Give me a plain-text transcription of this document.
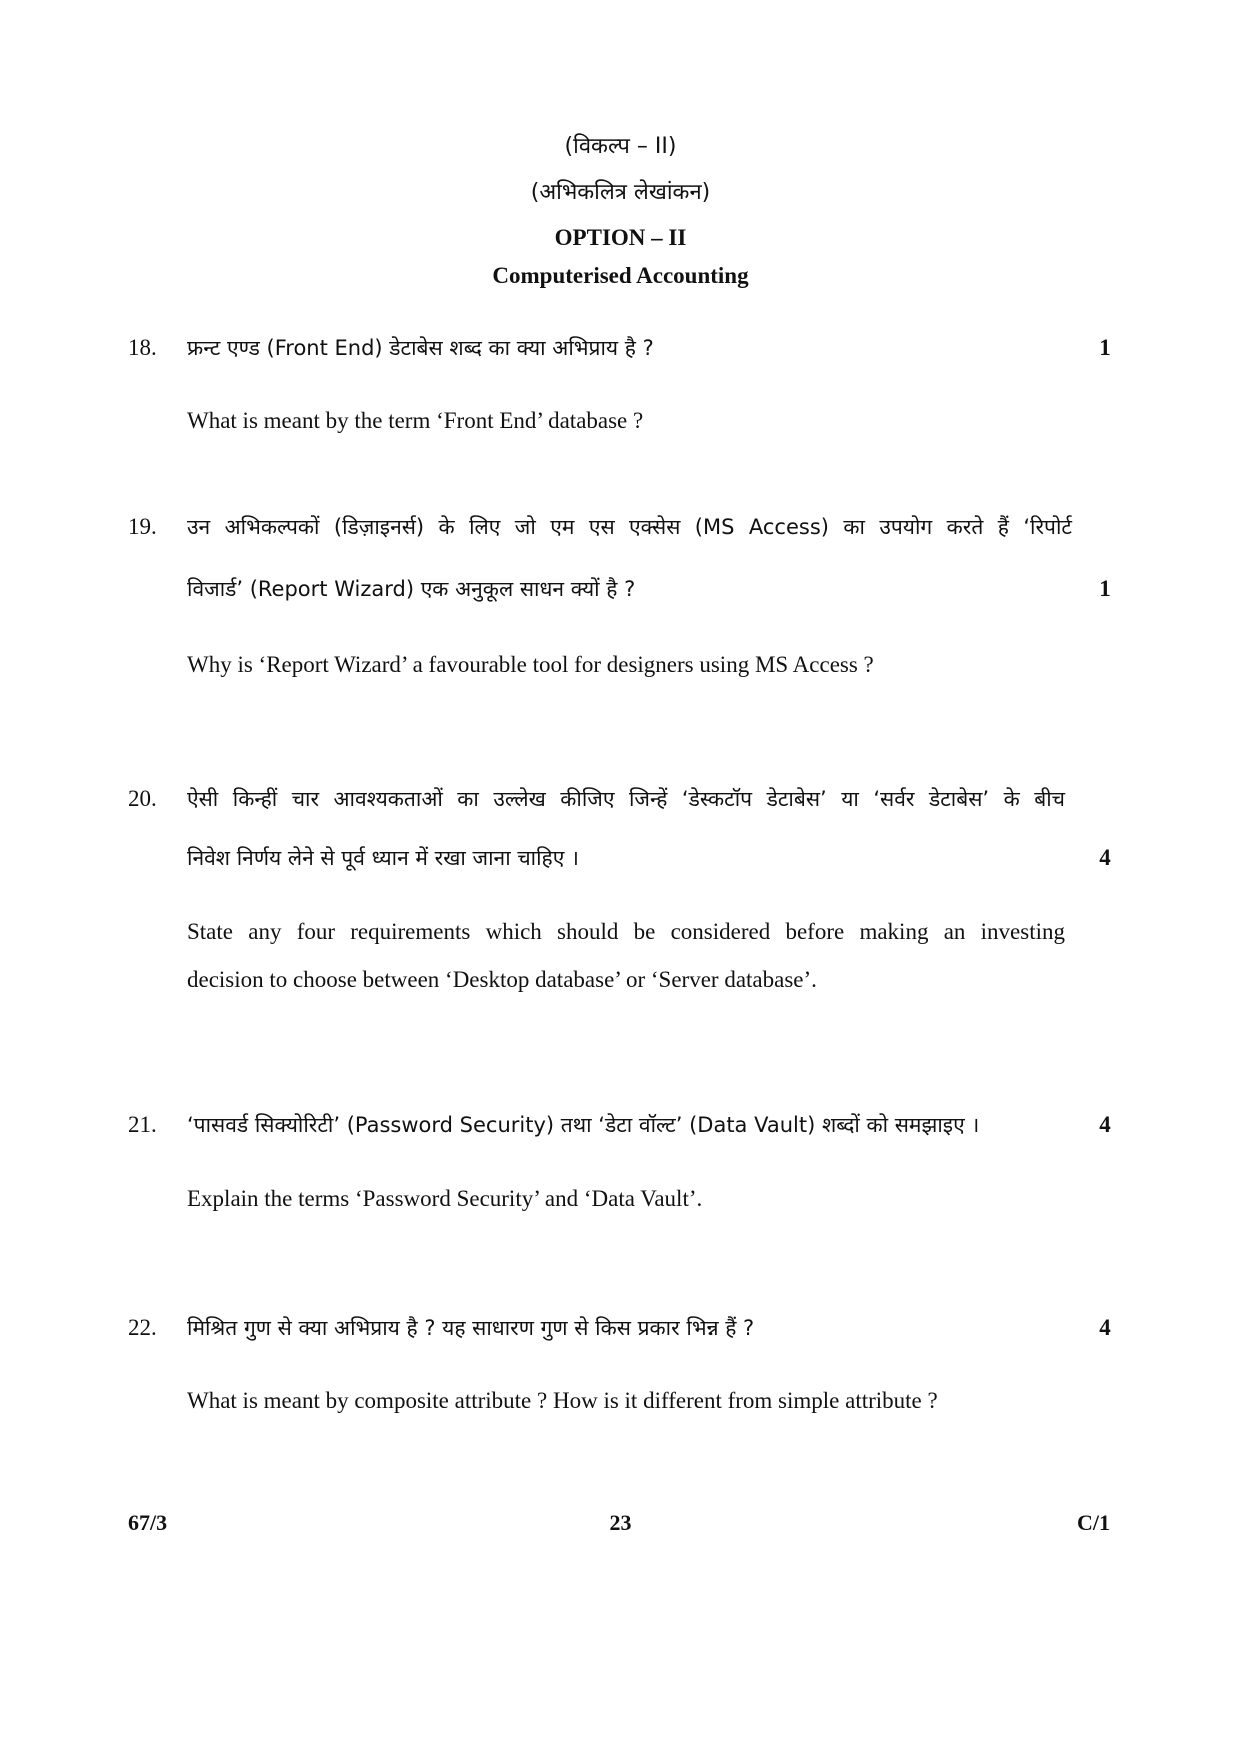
(विकल्प – II)
(अभिकलित्र लेखांकन)
OPTION – II
Computerised Accounting
18. फ्रन्ट एण्ड (Front End) डेटाबेस शब्द का क्या अभिप्राय है ?	1
What is meant by the term ‘Front End’ database ?
19. उन अभिकल्पकों (डिज़ाइनर्स) के लिए जो एम एस एक्सेस (MS Access) का उपयोग करते हैं ‘रिपोर्ट
विजार्ड’ (Report Wizard) एक अनुकूल साधन क्यों है ?	1
Why is ‘Report Wizard’ a favourable tool for designers using MS Access ?
20. ऐसी किन्हीं चार आवश्यकताओं का उल्लेख कीजिए जिन्हें ‘डेस्कटॉप डेटाबेस’ या ‘सर्वर डेटाबेस’ के बीच
निवेश निर्णय लेने से पूर्व ध्यान में रखा जाना चाहिए ।	4
State any four requirements which should be considered before making an investing
decision to choose between ‘Desktop database’ or ‘Server database’.
21. ‘पासवर्ड सिक्योरिटी’ (Password Security) तथा ‘डेटा वॉल्ट’ (Data Vault) शब्दों को समझाइए ।	4
Explain the terms ‘Password Security’ and ‘Data Vault’.
22. मिश्रित गुण से क्या अभिप्राय है ? यह साधारण गुण से किस प्रकार भिन्न हैं ?	4
What is meant by composite attribute ? How is it different from simple attribute ?
67/3	23	C/1
